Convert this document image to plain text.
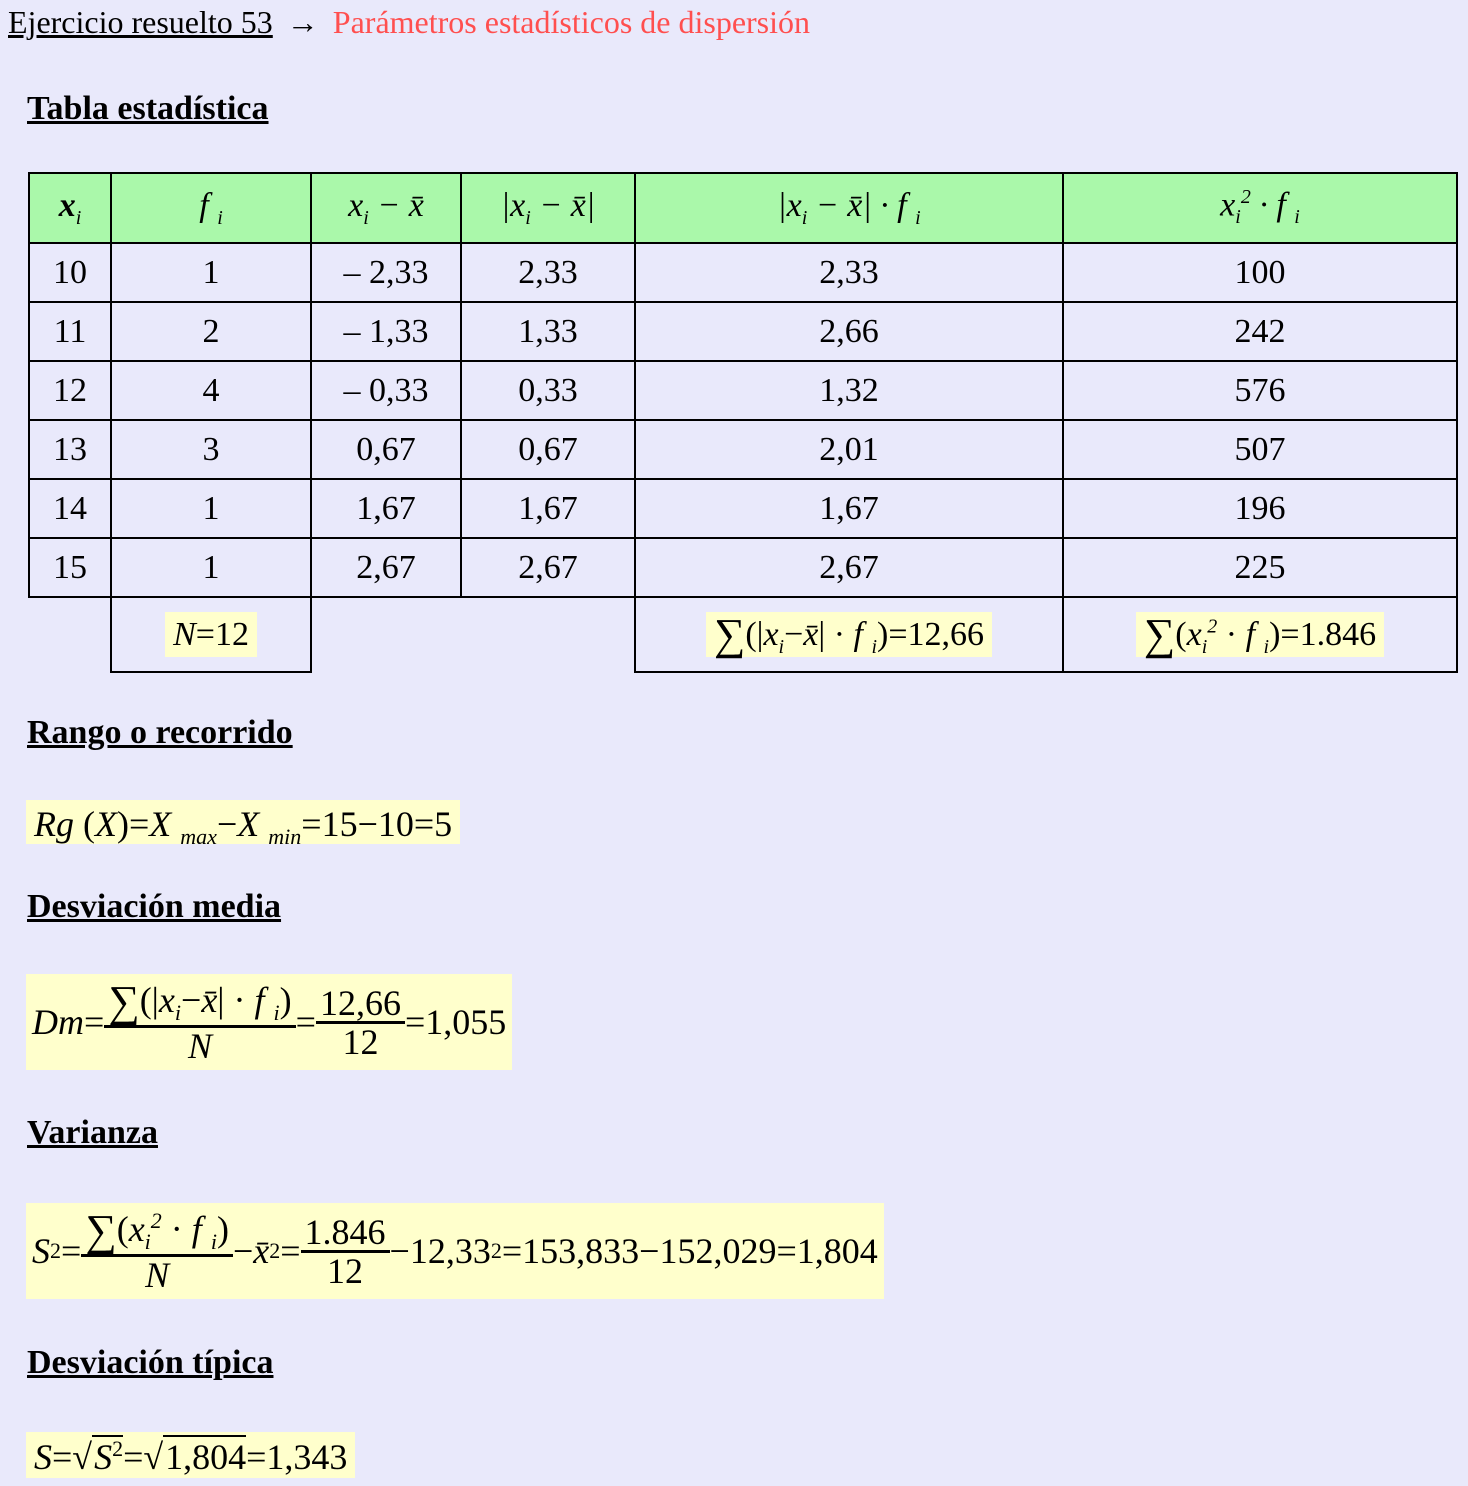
Ejercicio resuelto 53 → Parámetros estadísticos de dispersión
Tabla estadística
$x_i$	f $_i$	$x_i$ − x̄	$|x_i$ − x̄|	$|x_i$ − x̄| · f $_i$	$x_i^2 \cdot f$ $_i$
10	1	– 2,33	2,33	2,33	100
11	2	– 1,33	1,33	2,66	242
12	4	– 0,33	0,33	1,32	576
13	3	0,67	0,67	2,01	507
14	1	1,67	1,67	1,67	196
15	1	2,67	2,67	2,67	225
	N=12			$\sum(|x_i-x̄| \cdot f$ $_i$)=12,66	$\sum(x_i^2 \cdot f$ $_i$)=1.846
Rango o recorrido
Rg (X)=X $_{max}$−X $_{min}$=15−10=5
Desviación media
$Dm = \frac{\sum(|x_i-x̄| \cdot f _i)}{N} = \frac{12,66}{12} =1,055$
Varianza
S $2 = \frac{\sum(x_i^2 \cdot f _i)}{N}$ − x̄ $2 = \frac{1.846}{12} - 12,33$ 2 =153,833−152,029=1,804
Desviación típica
$S=√S^2=√1,804=1,343$
